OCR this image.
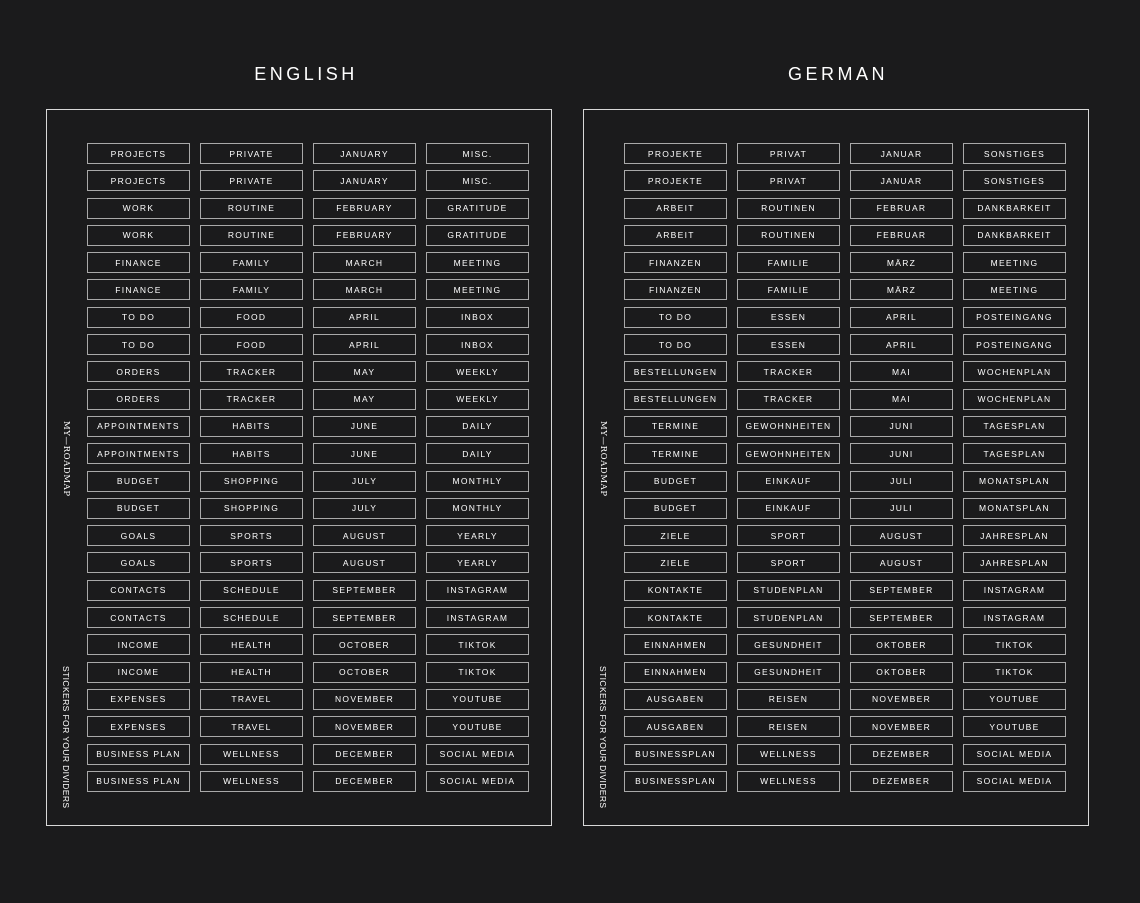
ENGLISH
MY—ROADMAP
STICKERS FOR YOUR DIVIDERS
PROJECTS	PRIVATE	JANUARY	MISC.
PROJECTS	PRIVATE	JANUARY	MISC.
WORK	ROUTINE	FEBRUARY	GRATITUDE
WORK	ROUTINE	FEBRUARY	GRATITUDE
FINANCE	FAMILY	MARCH	MEETING
FINANCE	FAMILY	MARCH	MEETING
TO DO	FOOD	APRIL	INBOX
TO DO	FOOD	APRIL	INBOX
ORDERS	TRACKER	MAY	WEEKLY
ORDERS	TRACKER	MAY	WEEKLY
APPOINTMENTS	HABITS	JUNE	DAILY
APPOINTMENTS	HABITS	JUNE	DAILY
BUDGET	SHOPPING	JULY	MONTHLY
BUDGET	SHOPPING	JULY	MONTHLY
GOALS	SPORTS	AUGUST	YEARLY
GOALS	SPORTS	AUGUST	YEARLY
CONTACTS	SCHEDULE	SEPTEMBER	INSTAGRAM
CONTACTS	SCHEDULE	SEPTEMBER	INSTAGRAM
INCOME	HEALTH	OCTOBER	TIKTOK
INCOME	HEALTH	OCTOBER	TIKTOK
EXPENSES	TRAVEL	NOVEMBER	YOUTUBE
EXPENSES	TRAVEL	NOVEMBER	YOUTUBE
BUSINESS PLAN	WELLNESS	DECEMBER	SOCIAL MEDIA
BUSINESS PLAN	WELLNESS	DECEMBER	SOCIAL MEDIA
GERMAN
MY—ROADMAP
STICKERS FOR YOUR DIVIDERS
PROJEKTE	PRIVAT	JANUAR	SONSTIGES
PROJEKTE	PRIVAT	JANUAR	SONSTIGES
ARBEIT	ROUTINEN	FEBRUAR	DANKBARKEIT
ARBEIT	ROUTINEN	FEBRUAR	DANKBARKEIT
FINANZEN	FAMILIE	MÄRZ	MEETING
FINANZEN	FAMILIE	MÄRZ	MEETING
TO DO	ESSEN	APRIL	POSTEINGANG
TO DO	ESSEN	APRIL	POSTEINGANG
BESTELLUNGEN	TRACKER	MAI	WOCHENPLAN
BESTELLUNGEN	TRACKER	MAI	WOCHENPLAN
TERMINE	GEWOHNHEITEN	JUNI	TAGESPLAN
TERMINE	GEWOHNHEITEN	JUNI	TAGESPLAN
BUDGET	EINKAUF	JULI	MONATSPLAN
BUDGET	EINKAUF	JULI	MONATSPLAN
ZIELE	SPORT	AUGUST	JAHRESPLAN
ZIELE	SPORT	AUGUST	JAHRESPLAN
KONTAKTE	STUDENPLAN	SEPTEMBER	INSTAGRAM
KONTAKTE	STUDENPLAN	SEPTEMBER	INSTAGRAM
EINNAHMEN	GESUNDHEIT	OKTOBER	TIKTOK
EINNAHMEN	GESUNDHEIT	OKTOBER	TIKTOK
AUSGABEN	REISEN	NOVEMBER	YOUTUBE
AUSGABEN	REISEN	NOVEMBER	YOUTUBE
BUSINESSPLAN	WELLNESS	DEZEMBER	SOCIAL MEDIA
BUSINESSPLAN	WELLNESS	DEZEMBER	SOCIAL MEDIA
